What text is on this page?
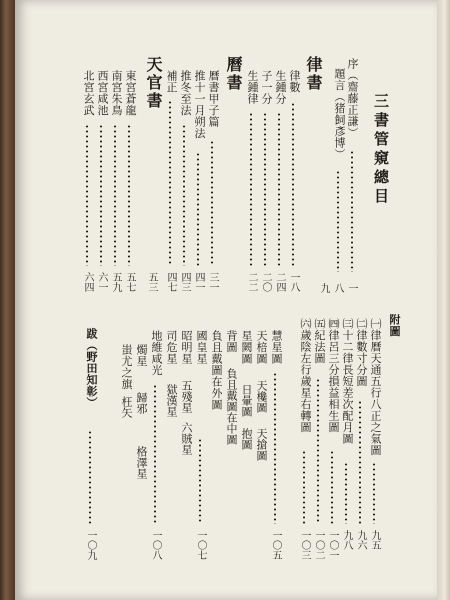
三書管窺總目
序（齋藤正謙）
一
題言（猪飼彥博）
八
九
律書
律數
一八
生鍾分
二四
子一分
二〇
生鍾律
二二
曆書
曆書甲子篇
三一
推十一月朔法
四一
推冬至法
四三
補正
四七
天官書
五三
東宮蒼龍
五七
南宮朱鳥
五九
西宮咸池
六一
北宮玄武
六四
附圖
㈠律曆天通五行八正之氣圖
九五
㈡律數寸分圖
九六
㈢十二律長短差次配月圖
九八
㈣律呂三分損益相生圖
一〇一
㈤紀法圖
一〇二
㈥歲陰左行歲星右轉圖
一〇三
慧星圖
一〇五
天棓圖
天欃圖
天搶圖
星闕圖
日暈圖
抱圖
背圖
負且戴圖在中圖
負且戴圖在外圖
國皇星
一〇七
昭明星
五殘星
六賊星
司危星
獄漢星
地維咸光
一〇八
燭星
歸邪
格澤星
蚩尤之旗
枉矢
跋（野田知彰）
一〇九
